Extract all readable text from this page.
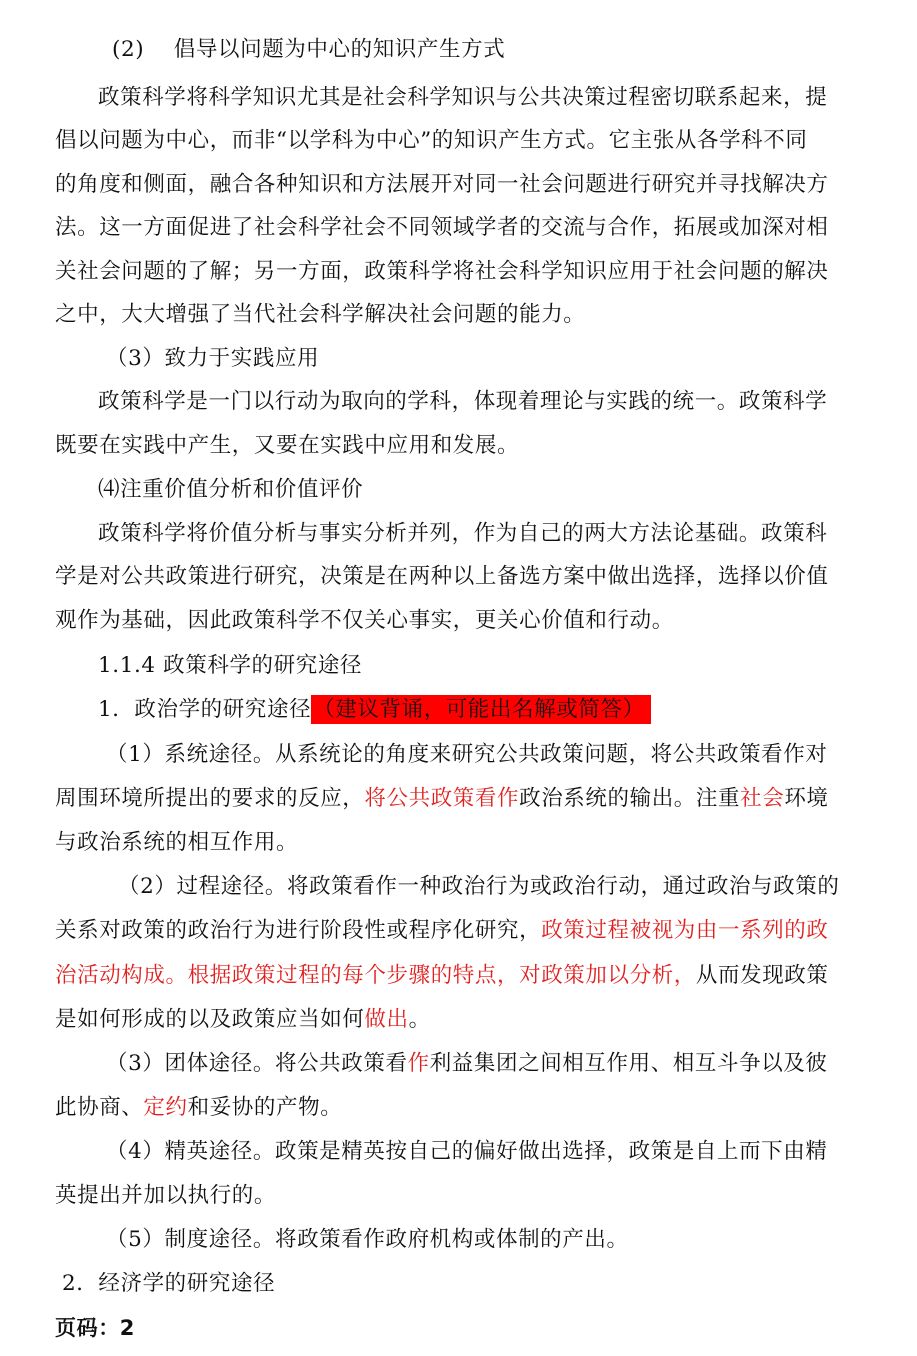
(2)　 倡导以问题为中心的知识产生方式
政策科学将科学知识尤其是社会科学知识与公共决策过程密切联系起来，提
倡以问题为中心，而非“以学科为中心”的知识产生方式。它主张从各学科不同
的角度和侧面，融合各种知识和方法展开对同一社会问题进行研究并寻找解决方
法。这一方面促进了社会科学社会不同领域学者的交流与合作，拓展或加深对相
关社会问题的了解；另一方面，政策科学将社会科学知识应用于社会问题的解决
之中，大大增强了当代社会科学解决社会问题的能力。
（3）致力于实践应用
政策科学是一门以行动为取向的学科，体现着理论与实践的统一。政策科学
既要在实践中产生，又要在实践中应用和发展。
⑷注重价值分析和价值评价
政策科学将价值分析与事实分析并列，作为自己的两大方法论基础。政策科
学是对公共政策进行研究，决策是在两种以上备选方案中做出选择，选择以价值
观作为基础，因此政策科学不仅关心事实，更关心价值和行动。
1.1.4 政策科学的研究途径
1．政治学的研究途径（建议背诵，可能出名解或简答）
（1）系统途径。从系统论的角度来研究公共政策问题，将公共政策看作对
周围环境所提出的要求的反应，将公共政策看作政治系统的输出。注重社会环境
与政治系统的相互作用。
（2）过程途径。将政策看作一种政治行为或政治行动，通过政治与政策的
关系对政策的政治行为进行阶段性或程序化研究，政策过程被视为由一系列的政
治活动构成。根据政策过程的每个步骤的特点，对政策加以分析，从而发现政策
是如何形成的以及政策应当如何做出。
（3）团体途径。将公共政策看作利益集团之间相互作用、相互斗争以及彼
此协商、定约和妥协的产物。
（4）精英途径。政策是精英按自己的偏好做出选择，政策是自上而下由精
英提出并加以执行的。
（5）制度途径。将政策看作政府机构或体制的产出。
2．经济学的研究途径
页码：2
